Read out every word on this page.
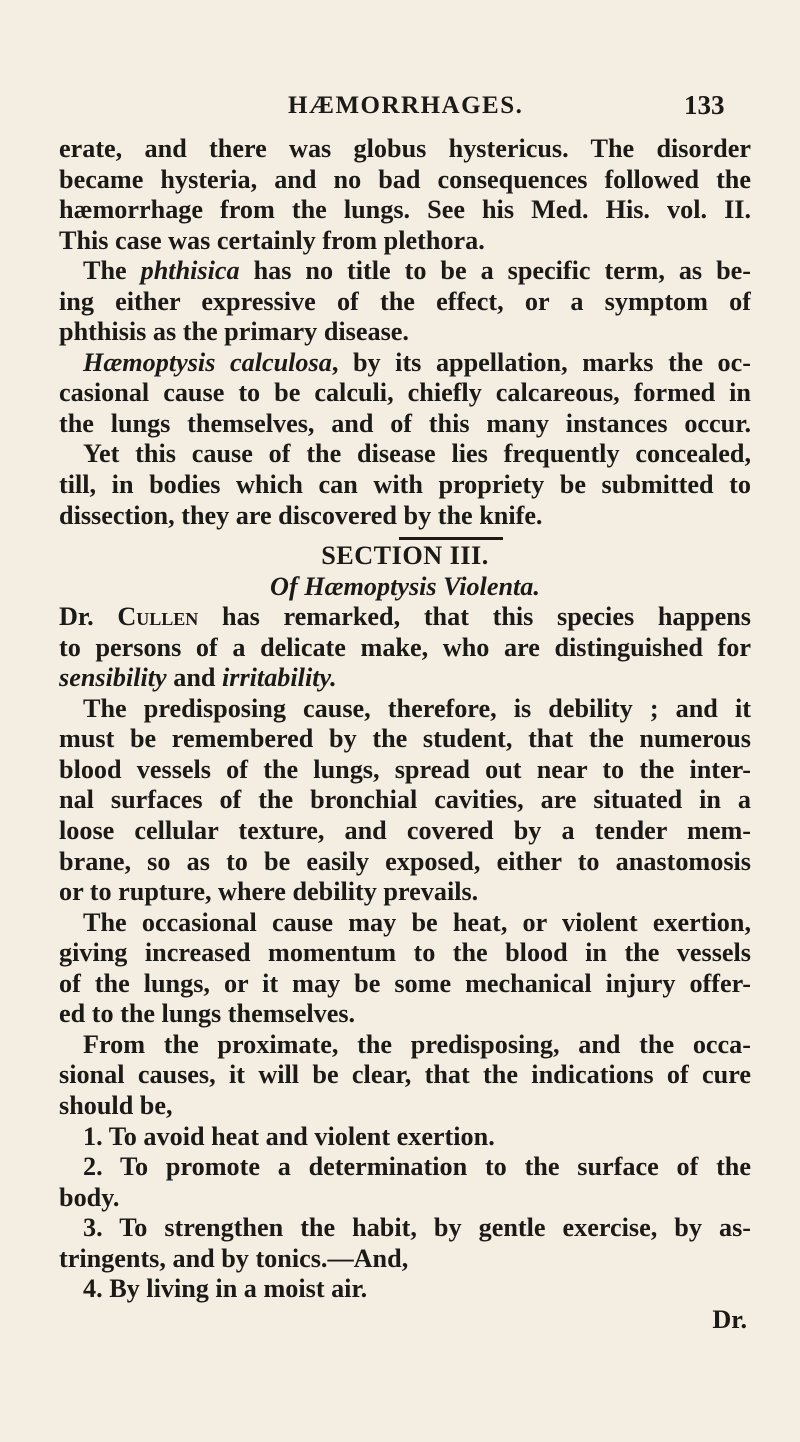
HÆMORRHAGES.	133
erate, and there was globus hystericus. The disorder
became hysteria, and no bad consequences followed the
hæmorrhage from the lungs. See his Med. His. vol. II.
This case was certainly from plethora.
The phthisica has no title to be a specific term, as be-
ing either expressive of the effect, or a symptom of
phthisis as the primary disease.
Hæmoptysis calculosa, by its appellation, marks the oc-
casional cause to be calculi, chiefly calcareous, formed in
the lungs themselves, and of this many instances occur.
Yet this cause of the disease lies frequently concealed,
till, in bodies which can with propriety be submitted to
dissection, they are discovered by the knife.
SECTION III.
Of Hæmoptysis Violenta.
Dr. Cullen has remarked, that this species happens
to persons of a delicate make, who are distinguished for
sensibility and irritability.
The predisposing cause, therefore, is debility ; and it
must be remembered by the student, that the numerous
blood vessels of the lungs, spread out near to the inter-
nal surfaces of the bronchial cavities, are situated in a
loose cellular texture, and covered by a tender mem-
brane, so as to be easily exposed, either to anastomosis
or to rupture, where debility prevails.
The occasional cause may be heat, or violent exertion,
giving increased momentum to the blood in the vessels
of the lungs, or it may be some mechanical injury offer-
ed to the lungs themselves.
From the proximate, the predisposing, and the occa-
sional causes, it will be clear, that the indications of cure
should be,
1. To avoid heat and violent exertion.
2. To promote a determination to the surface of the
body.
3. To strengthen the habit, by gentle exercise, by as-
tringents, and by tonics.—And,
4. By living in a moist air.
Dr.
